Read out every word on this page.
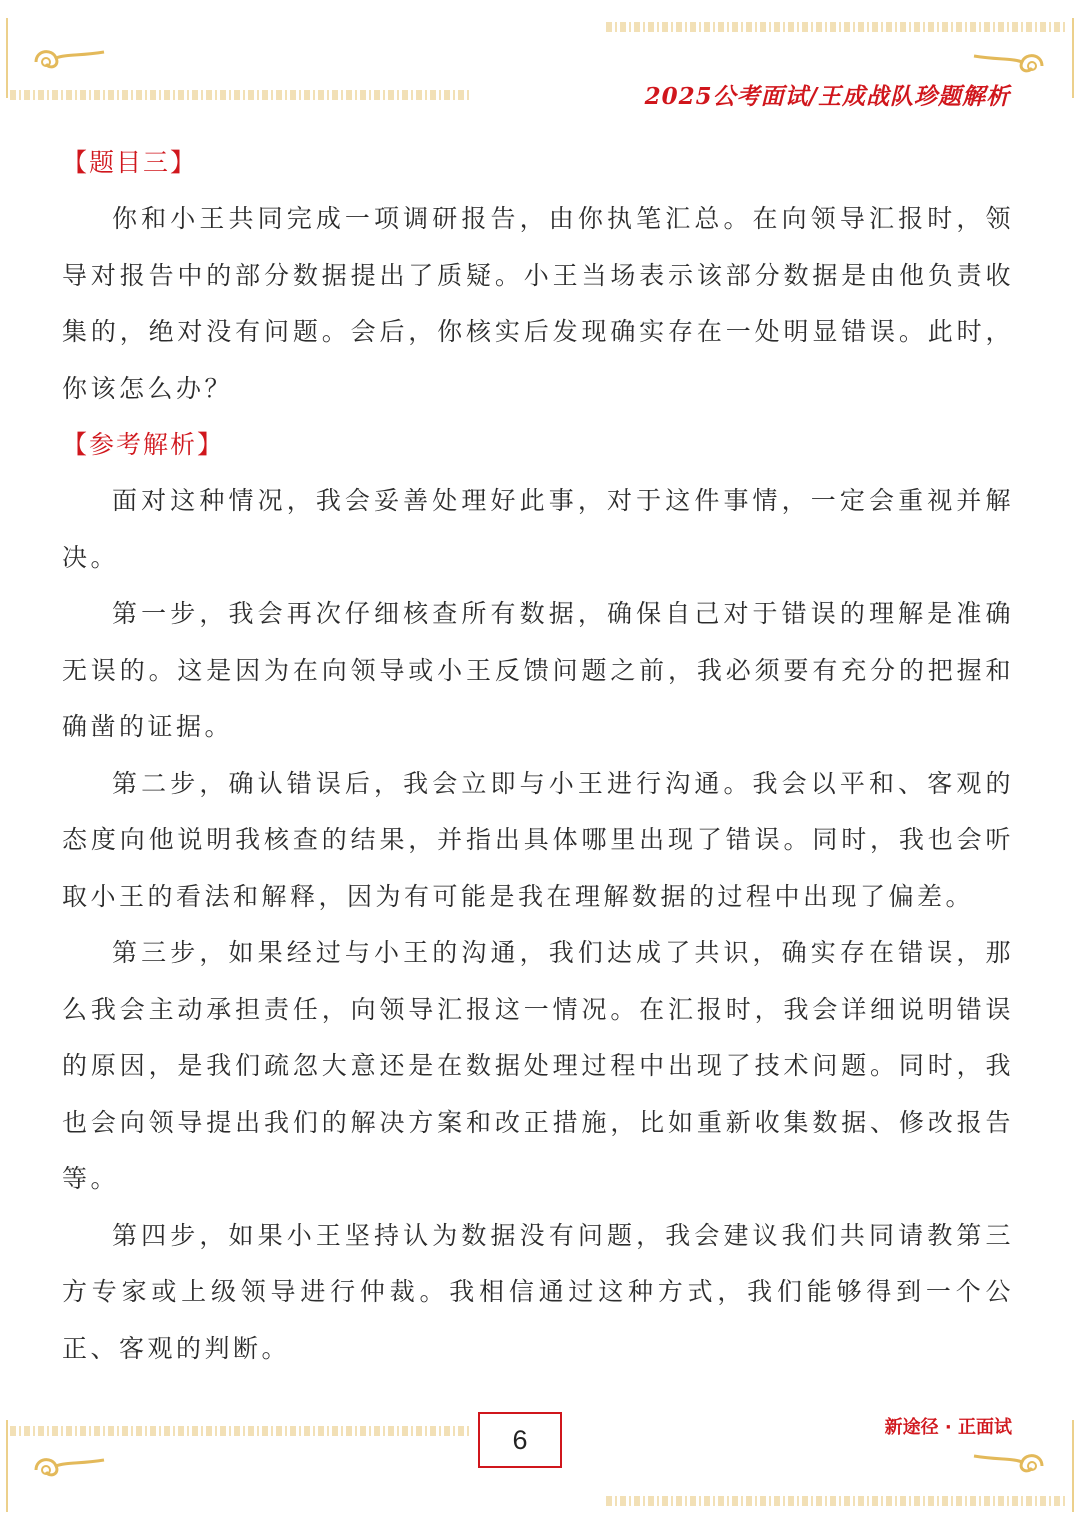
2025公考面试/王成战队珍题解析
【题目三】

你和小王共同完成一项调研报告，由你执笔汇总。在向领导汇报时，领导对报告中的部分数据提出了质疑。小王当场表示该部分数据是由他负责收集的，绝对没有问题。会后，你核实后发现确实存在一处明显错误。此时，你该怎么办？

【参考解析】

面对这种情况，我会妥善处理好此事，对于这件事情，一定会重视并解决。

第一步，我会再次仔细核查所有数据，确保自己对于错误的理解是准确无误的。这是因为在向领导或小王反馈问题之前，我必须要有充分的把握和确凿的证据。

第二步，确认错误后，我会立即与小王进行沟通。我会以平和、客观的态度向他说明我核查的结果，并指出具体哪里出现了错误。同时，我也会听取小王的看法和解释，因为有可能是我在理解数据的过程中出现了偏差。

第三步，如果经过与小王的沟通，我们达成了共识，确实存在错误，那么我会主动承担责任，向领导汇报这一情况。在汇报时，我会详细说明错误的原因，是我们疏忽大意还是在数据处理过程中出现了技术问题。同时，我也会向领导提出我们的解决方案和改正措施，比如重新收集数据、修改报告等。

第四步，如果小王坚持认为数据没有问题，我会建议我们共同请教第三方专家或上级领导进行仲裁。我相信通过这种方式，我们能够得到一个公正、客观的判断。

6	新途径 · 正面试
